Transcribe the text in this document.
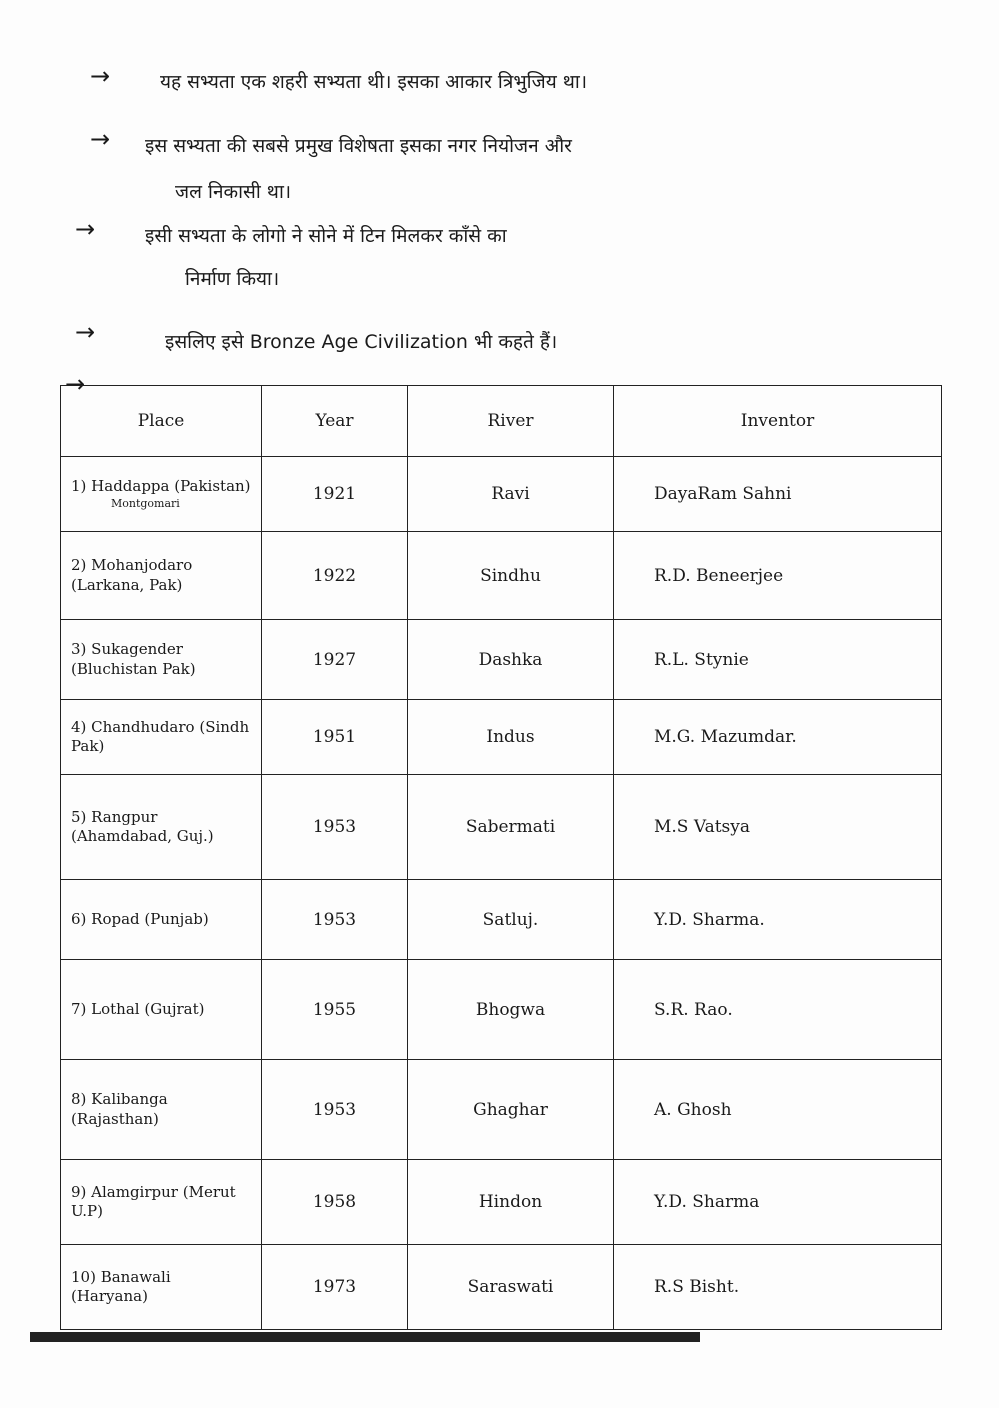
→	यह सभ्यता एक शहरी सभ्यता थी। इसका आकार त्रिभुजिय था।
→ इस सभ्यता की सबसे प्रमुख विशेषता इसका नगर नियोजन और
जल निकासी था।
→	इसी सभ्यता के लोगो ने सोने में टिन मिलकर काँसे का
निर्माण किया।
→	इसलिए इसे Bronze Age Civilization भी कहते हैं।
→
Place	Year	River	Inventor
1) Haddappa (Pakistan)
Montgomari	1921	Ravi	DayaRam Sahni
2) Mohanjodaro (Larkana, Pak)	1922	Sindhu	R.D. Beneerjee
3) Sukagender (Bluchistan Pak)	1927	Dashka	R.L. Stynie
4) Chandhudaro (Sindh Pak)	1951	Indus	M.G. Mazumdar.
5) Rangpur (Ahamdabad, Guj.)	1953	Sabermati	M.S Vatsya
6) Ropad (Punjab)	1953	Satluj.	Y.D. Sharma.
7) Lothal (Gujrat)	1955	Bhogwa	S.R. Rao.
8) Kalibanga (Rajasthan)	1953	Ghaghar	A. Ghosh
9) Alamgirpur (Merut U.P)	1958	Hindon	Y.D. Sharma
10) Banawali (Haryana)	1973	Saraswati	R.S Bisht.
